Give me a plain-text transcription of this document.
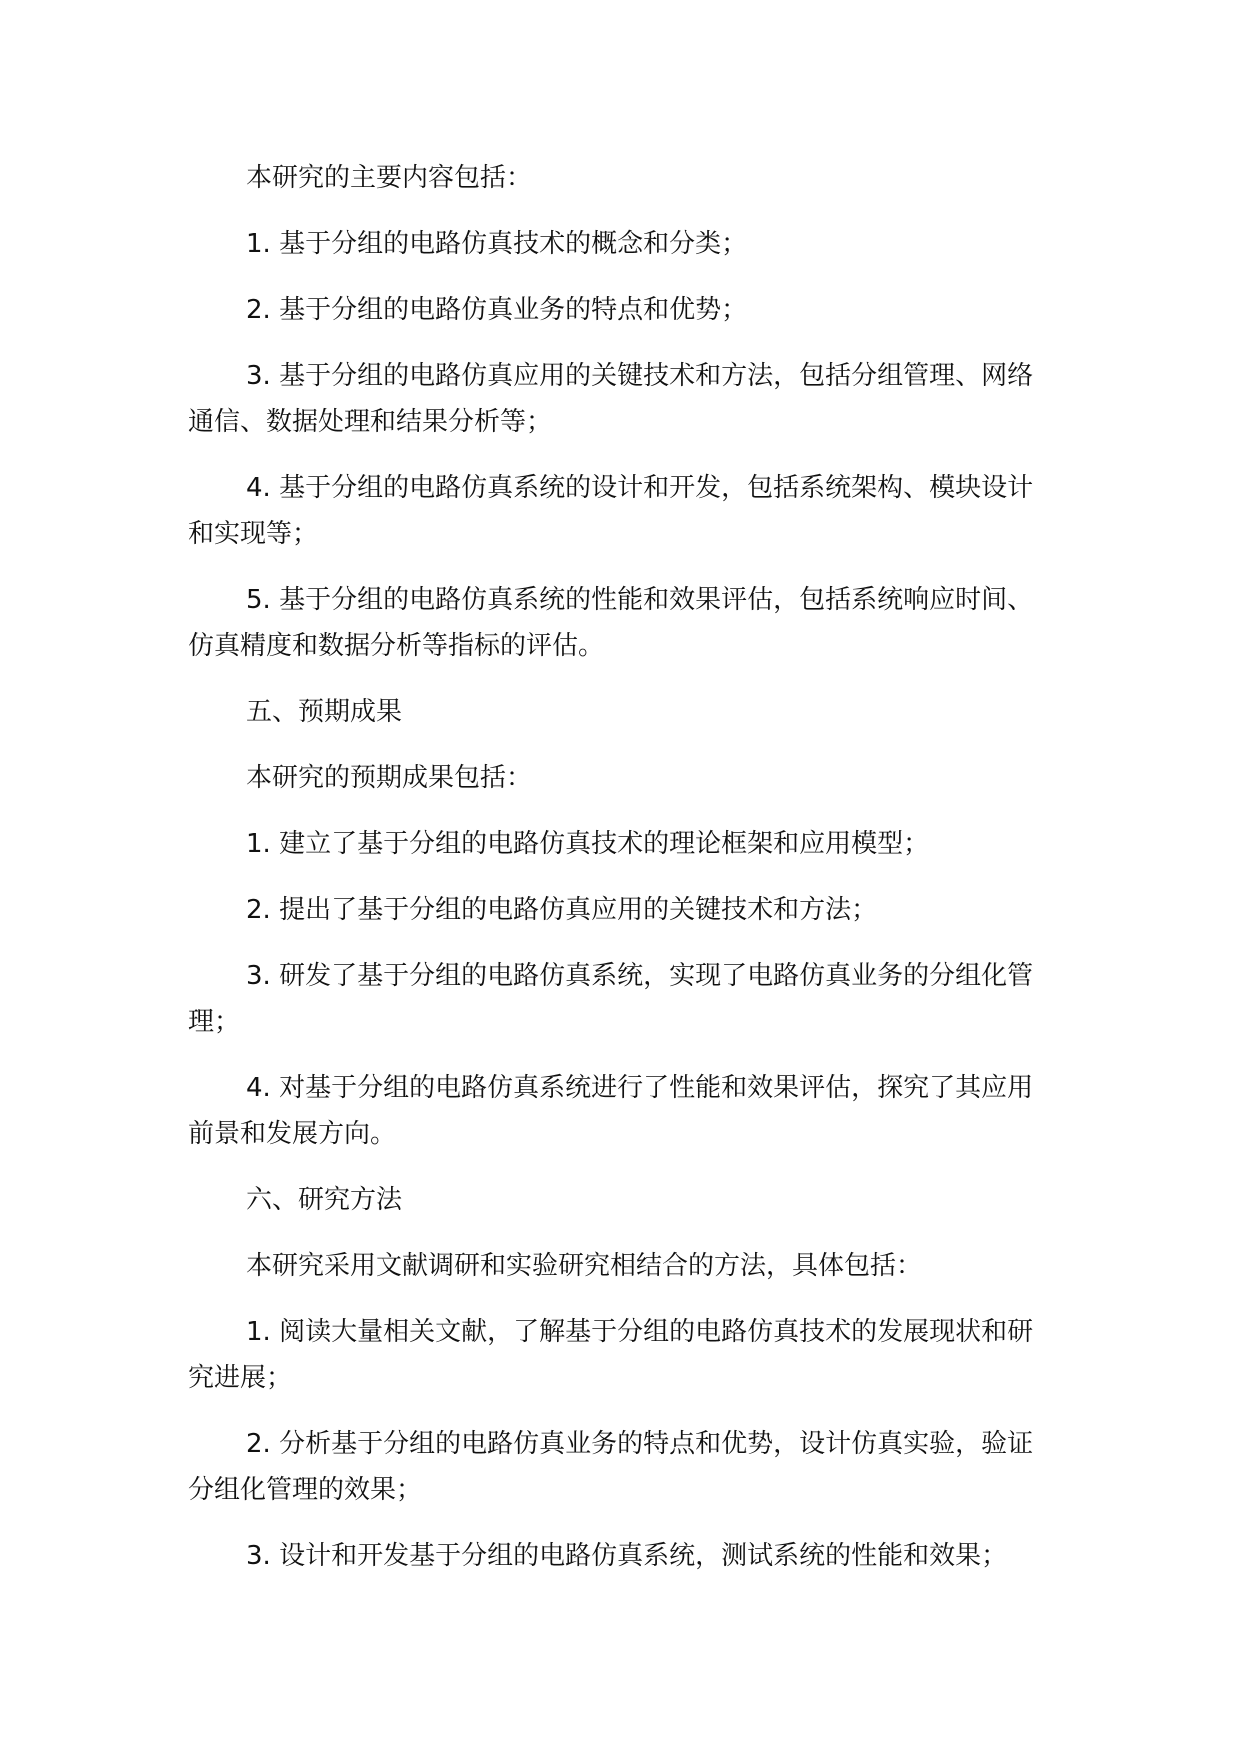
本研究的主要内容包括：

1. 基于分组的电路仿真技术的概念和分类；

2. 基于分组的电路仿真业务的特点和优势；

3. 基于分组的电路仿真应用的关键技术和方法，包括分组管理、网络通信、数据处理和结果分析等；

4. 基于分组的电路仿真系统的设计和开发，包括系统架构、模块设计和实现等；

5. 基于分组的电路仿真系统的性能和效果评估，包括系统响应时间、仿真精度和数据分析等指标的评估。

五、预期成果

本研究的预期成果包括：

1. 建立了基于分组的电路仿真技术的理论框架和应用模型；

2. 提出了基于分组的电路仿真应用的关键技术和方法；

3. 研发了基于分组的电路仿真系统，实现了电路仿真业务的分组化管理；

4. 对基于分组的电路仿真系统进行了性能和效果评估，探究了其应用前景和发展方向。

六、研究方法

本研究采用文献调研和实验研究相结合的方法，具体包括：

1. 阅读大量相关文献，了解基于分组的电路仿真技术的发展现状和研究进展；

2. 分析基于分组的电路仿真业务的特点和优势，设计仿真实验，验证分组化管理的效果；

3. 设计和开发基于分组的电路仿真系统，测试系统的性能和效果；
